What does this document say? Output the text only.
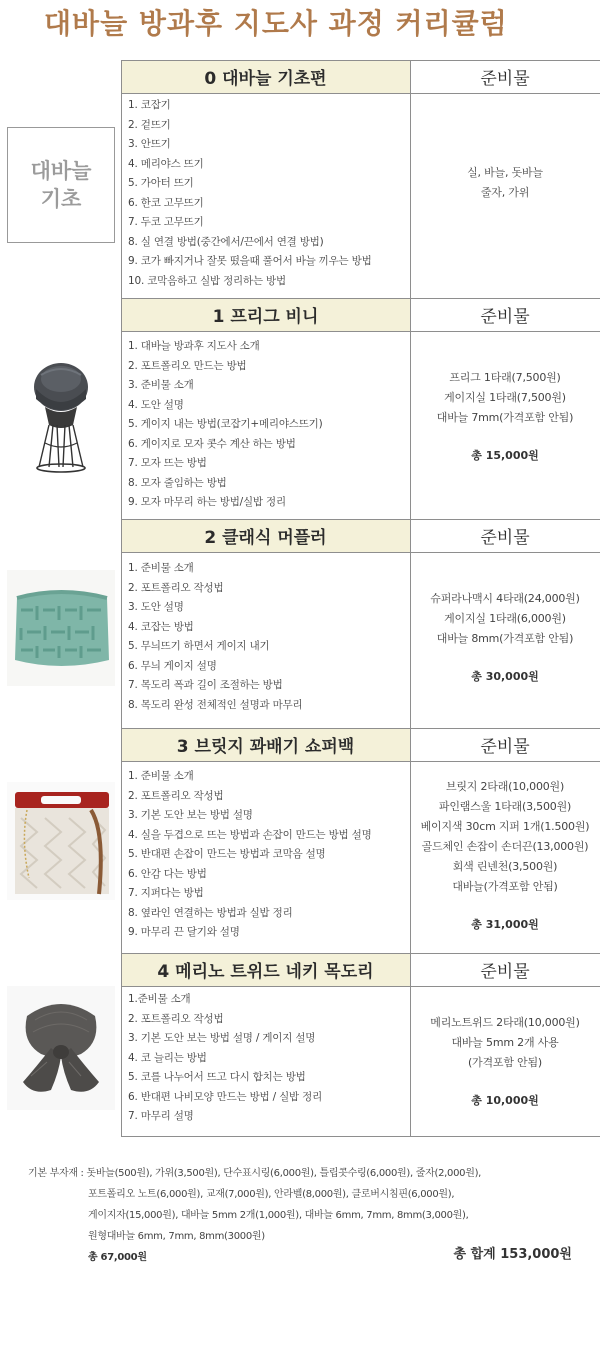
대바늘 방과후 지도사 과정 커리큘럼
0 대바늘 기초편	준비물
대바늘
기초
1. 코잡기
2. 겉뜨기
3. 안뜨기
4. 메리야스 뜨기
5. 가아터 뜨기
6. 한코 고무뜨기
7. 두코 고무뜨기
8. 실 연결 방법(중간에서/끈에서 연결 방법)
9. 코가 빠지거나 잘못 떴을때 풀어서 바늘 끼우는 방법
10. 코막음하고 실밥 정리하는 방법
실, 바늘, 돗바늘
줄자, 가위
1 프리그 비니	준비물
1. 대바늘 방과후 지도사 소개
2. 포트폴리오 만드는 방법
3. 준비물 소개
4. 도안 설명
5. 게이지 내는 방법(코잡기+메리야스뜨기)
6. 게이지로 모자 콧수 계산 하는 방법
7. 모자 뜨는 방법
8. 모자 줄임하는 방법
9. 모자 마무리 하는 방법/실밥 정리
프리그 1타래(7,500원)
게이지실 1타래(7,500원)
대바늘 7mm(가격포함 안됨)
총 15,000원
2 클래식 머플러	준비물
1. 준비물 소개
2. 포트폴리오 작성법
3. 도안 설명
4. 코잡는 방법
5. 무늬뜨기 하면서 게이지 내기
6. 무늬 게이지 설명
7. 목도리 폭과 길이 조절하는 방법
8. 목도리 완성 전체적인 설명과 마무리
슈퍼라나맥시 4타래(24,000원)
게이지실 1타래(6,000원)
대바늘 8mm(가격포함 안됨)
총 30,000원
3 브릿지 꽈배기 쇼퍼백	준비물
1. 준비물 소개
2. 포트폴리오 작성법
3. 기본 도안 보는 방법 설명
4. 실을 두겹으로 뜨는 방법과 손잡이 만드는 방법 설명
5. 반대편 손잡이 만드는 방법과 코막음 설명
6. 안감 다는 방법
7. 지퍼다는 방법
8. 옆라인 연결하는 방법과 실밥 정리
9. 마무리 끈 달기와 설명
브릿지 2타래(10,000원)
파인램스울 1타래(3,500원)
베이지색 30cm 지퍼 1개(1.500원)
골드체인 손잡이 손더끈(13,000원)
회색 린넨천(3,500원)
대바늘(가격포함 안됨)
총 31,000원
4 메리노 트위드 네키 목도리	준비물
1.준비물 소개
2. 포트폴리오 작성법
3. 기본 도안 보는 방법 설명 / 게이지 설명
4. 코 늘리는 방법
5. 코를 나누어서 뜨고 다시 합치는 방법
6. 반대편 나비모양 만드는 방법 / 실밥 정리
7. 마무리 설명
메리노트위드 2타래(10,000원)
대바늘 5mm 2개 사용
(가격포함 안됨)
총 10,000원
기본 부자재 : 돗바늘(500원), 가위(3,500원), 단수표시링(6,000원), 틀립콧수링(6,000원), 줄자(2,000원),
포트폴리오 노트(6,000원), 교재(7,000원), 안라벨(8,000원), 클로버시침핀(6,000원),
게이지자(15,000원), 대바늘 5mm 2개(1,000원), 대바늘 6mm, 7mm, 8mm(3,000원),
원형대바늘 6mm, 7mm, 8mm(3000원)
총 67,000원	총 합계 153,000원
